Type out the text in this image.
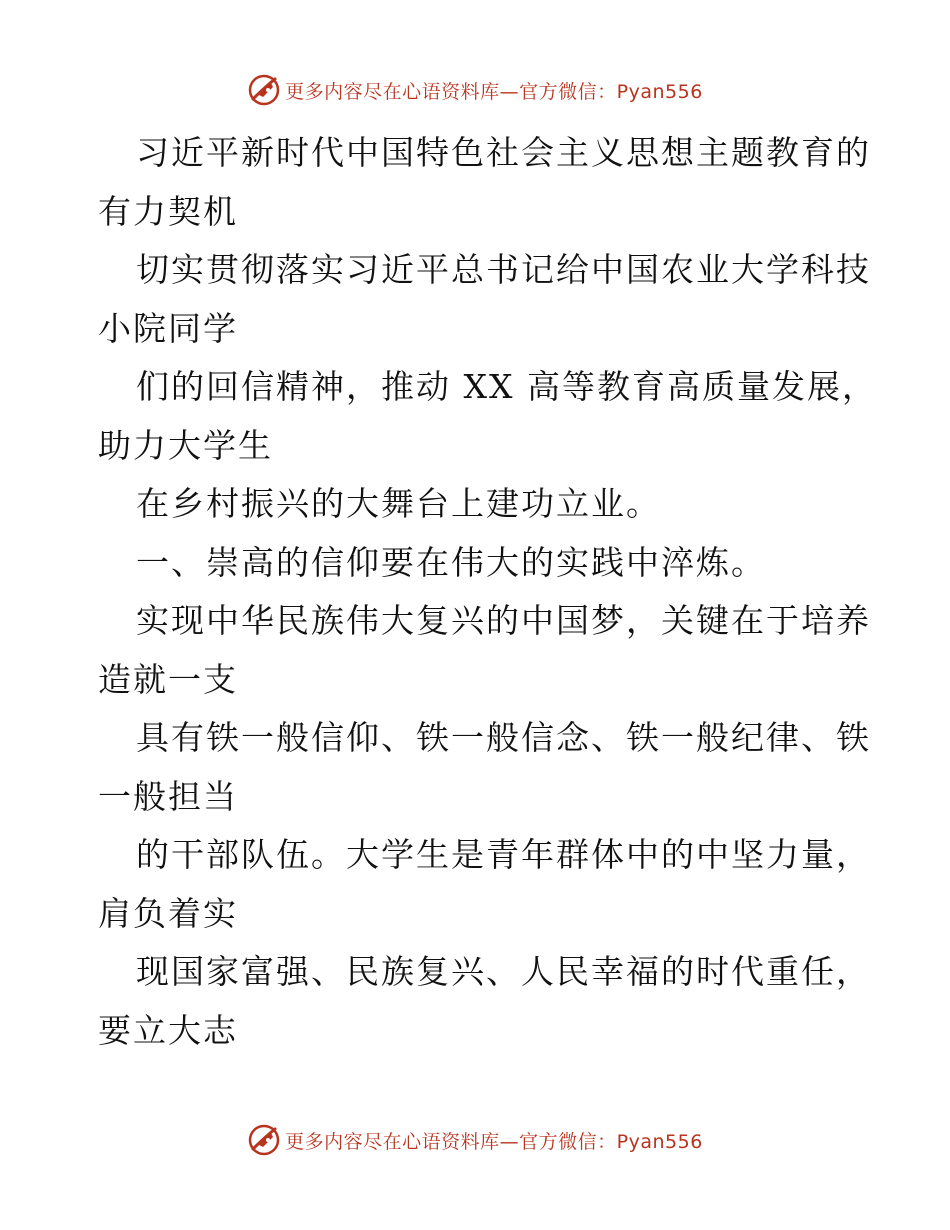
更多内容尽在心语资料库—官方微信：Pyan556
习近平新时代中国特色社会主义思想主题教育的
有力契机
切实贯彻落实习近平总书记给中国农业大学科技
小院同学
们的回信精神，推动 XX 高等教育高质量发展，
助力大学生
在乡村振兴的大舞台上建功立业。
一、崇高的信仰要在伟大的实践中淬炼。
实现中华民族伟大复兴的中国梦，关键在于培养
造就一支
具有铁一般信仰、铁一般信念、铁一般纪律、铁
一般担当
的干部队伍。大学生是青年群体中的中坚力量，
肩负着实
现国家富强、民族复兴、人民幸福的时代重任，
要立大志
更多内容尽在心语资料库—官方微信：Pyan556
